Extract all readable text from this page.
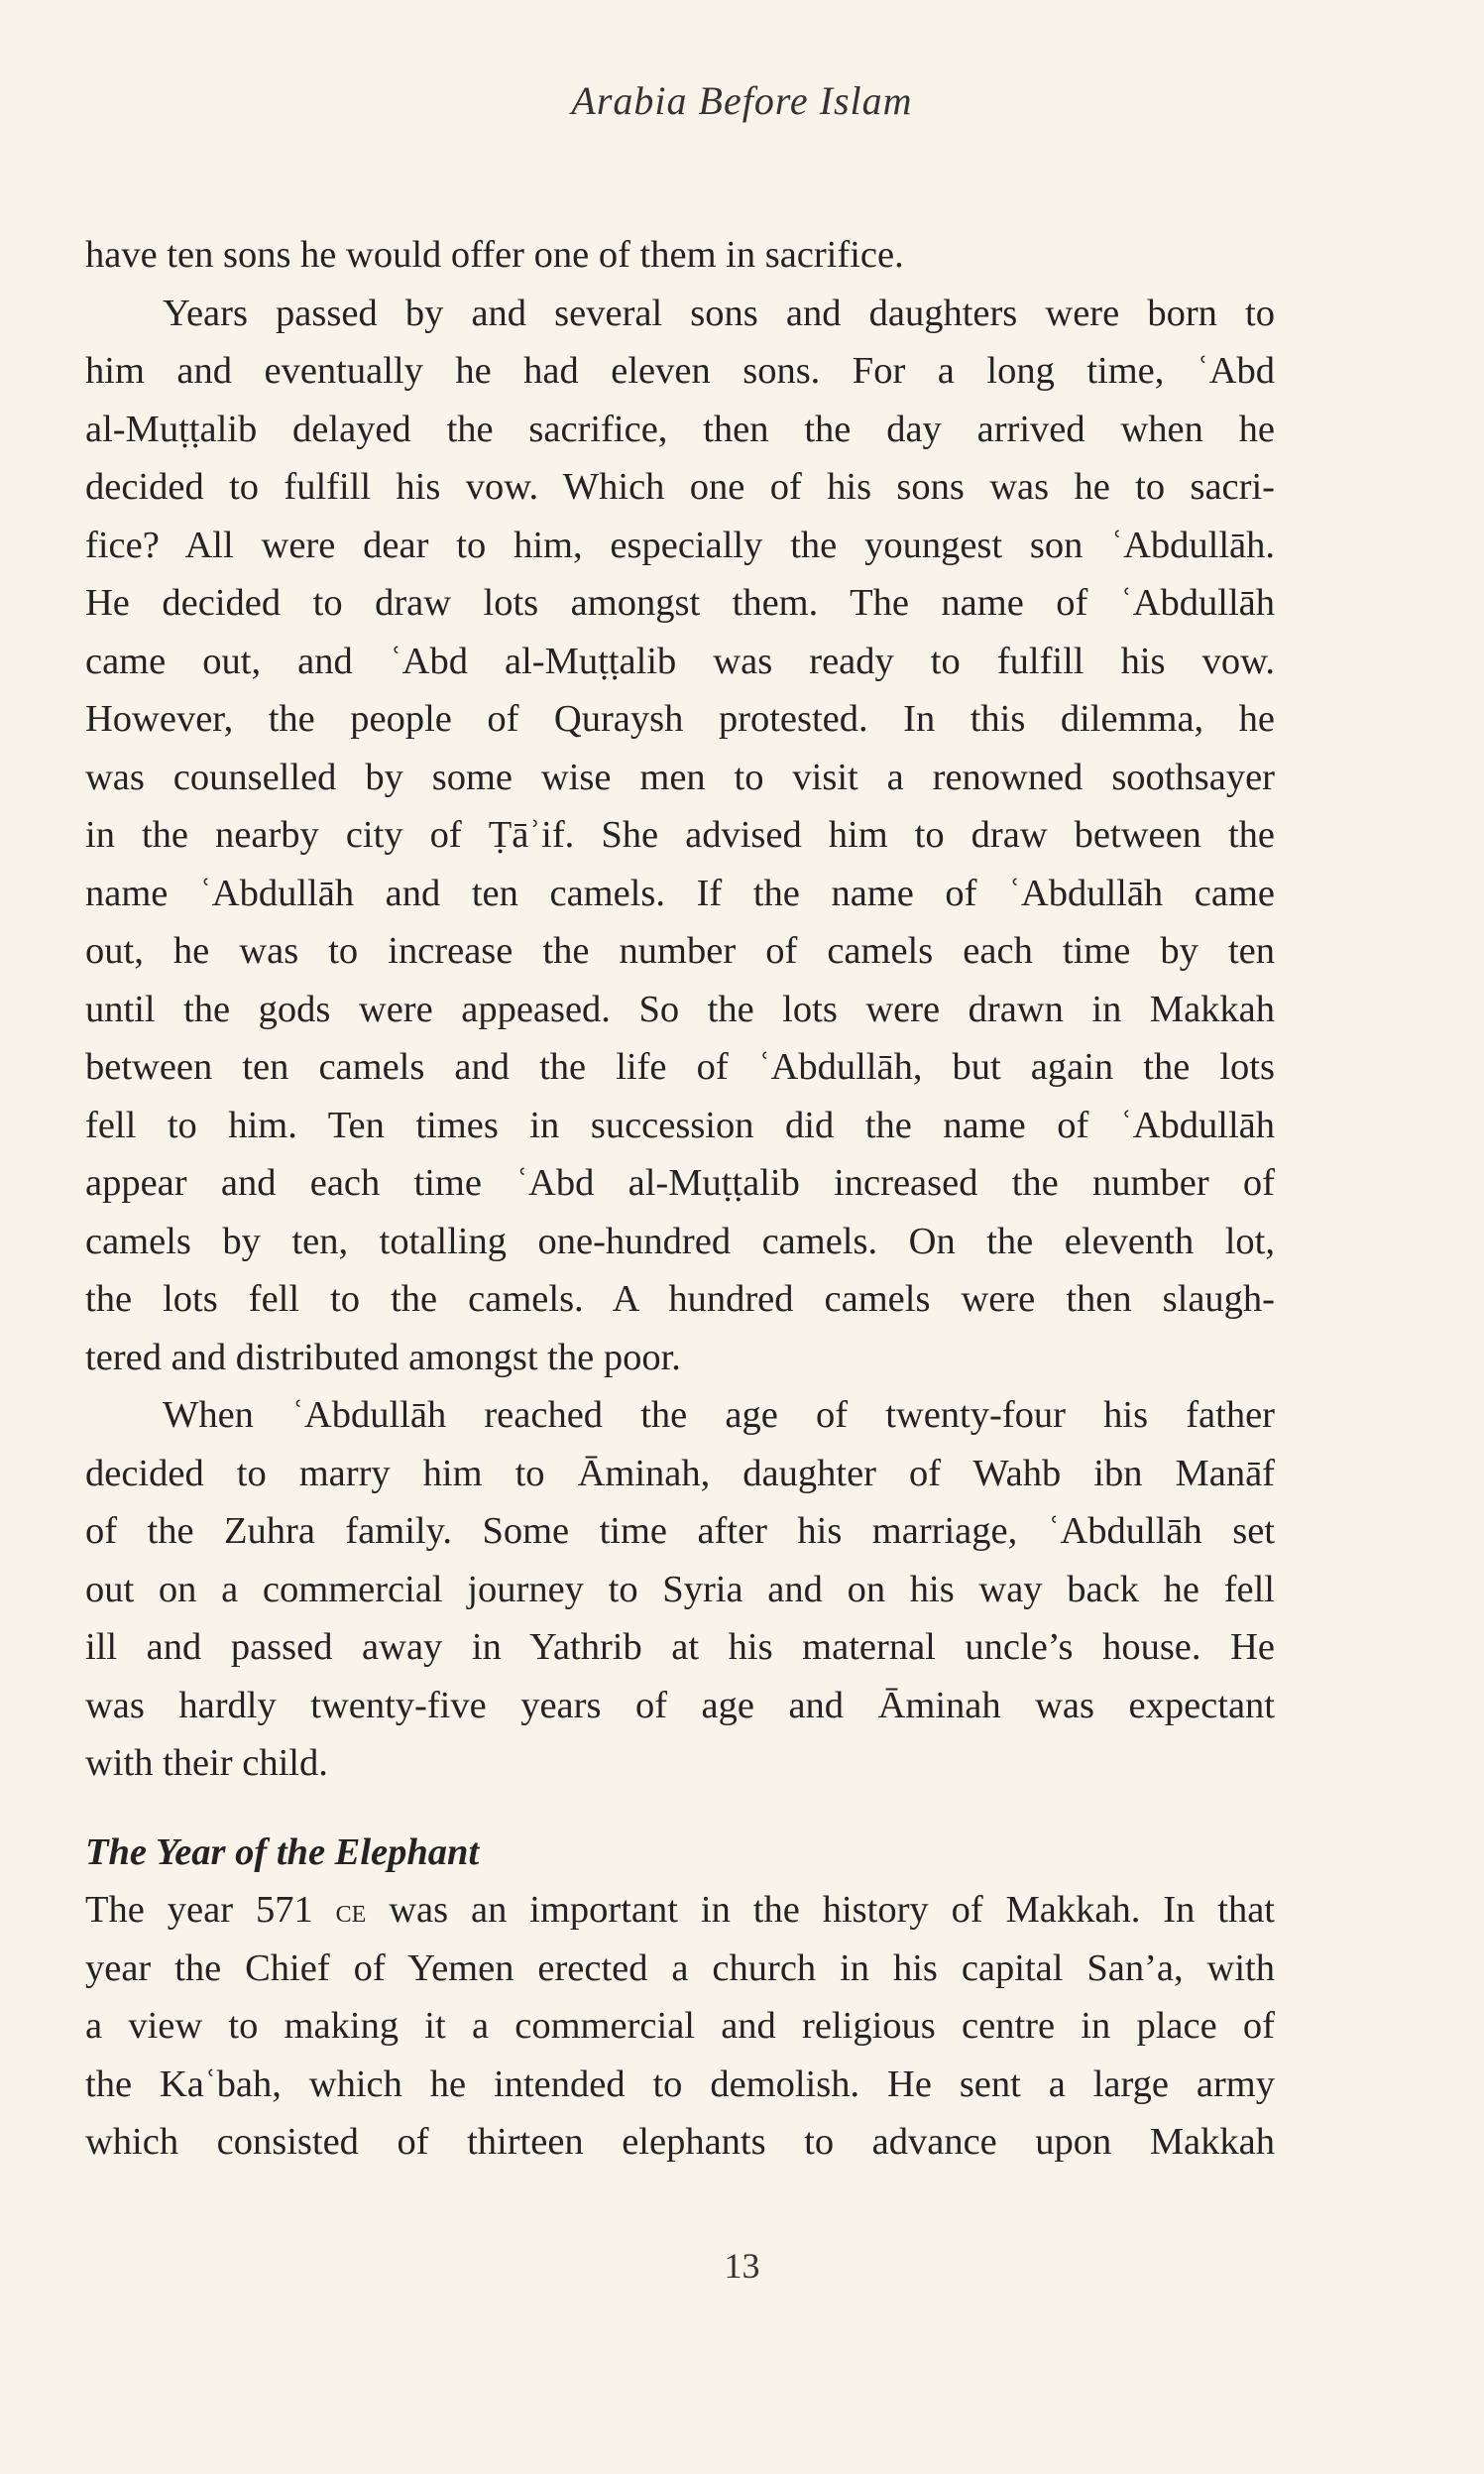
Arabia Before Islam
have ten sons he would offer one of them in sacrifice.
Years passed by and several sons and daughters were born to
him and eventually he had eleven sons. For a long time, ʿAbd
al-Muṭṭalib delayed the sacrifice, then the day arrived when he
decided to fulfill his vow. Which one of his sons was he to sacri-
fice? All were dear to him, especially the youngest son ʿAbdullāh.
He decided to draw lots amongst them. The name of ʿAbdullāh
came out, and ʿAbd al-Muṭṭalib was ready to fulfill his vow.
However, the people of Quraysh protested. In this dilemma, he
was counselled by some wise men to visit a renowned soothsayer
in the nearby city of Ṭāʾif. She advised him to draw between the
name ʿAbdullāh and ten camels. If the name of ʿAbdullāh came
out, he was to increase the number of camels each time by ten
until the gods were appeased. So the lots were drawn in Makkah
between ten camels and the life of ʿAbdullāh, but again the lots
fell to him. Ten times in succession did the name of ʿAbdullāh
appear and each time ʿAbd al-Muṭṭalib increased the number of
camels by ten, totalling one-hundred camels. On the eleventh lot,
the lots fell to the camels. A hundred camels were then slaugh-
tered and distributed amongst the poor.
When ʿAbdullāh reached the age of twenty-four his father
decided to marry him to Āminah, daughter of Wahb ibn Manāf
of the Zuhra family. Some time after his marriage, ʿAbdullāh set
out on a commercial journey to Syria and on his way back he fell
ill and passed away in Yathrib at his maternal uncle’s house. He
was hardly twenty-five years of age and Āminah was expectant
with their child.
The Year of the Elephant
The year 571 ce was an important in the history of Makkah. In that
year the Chief of Yemen erected a church in his capital San’a, with
a view to making it a commercial and religious centre in place of
the Kaʿbah, which he intended to demolish. He sent a large army
which consisted of thirteen elephants to advance upon Makkah
13
